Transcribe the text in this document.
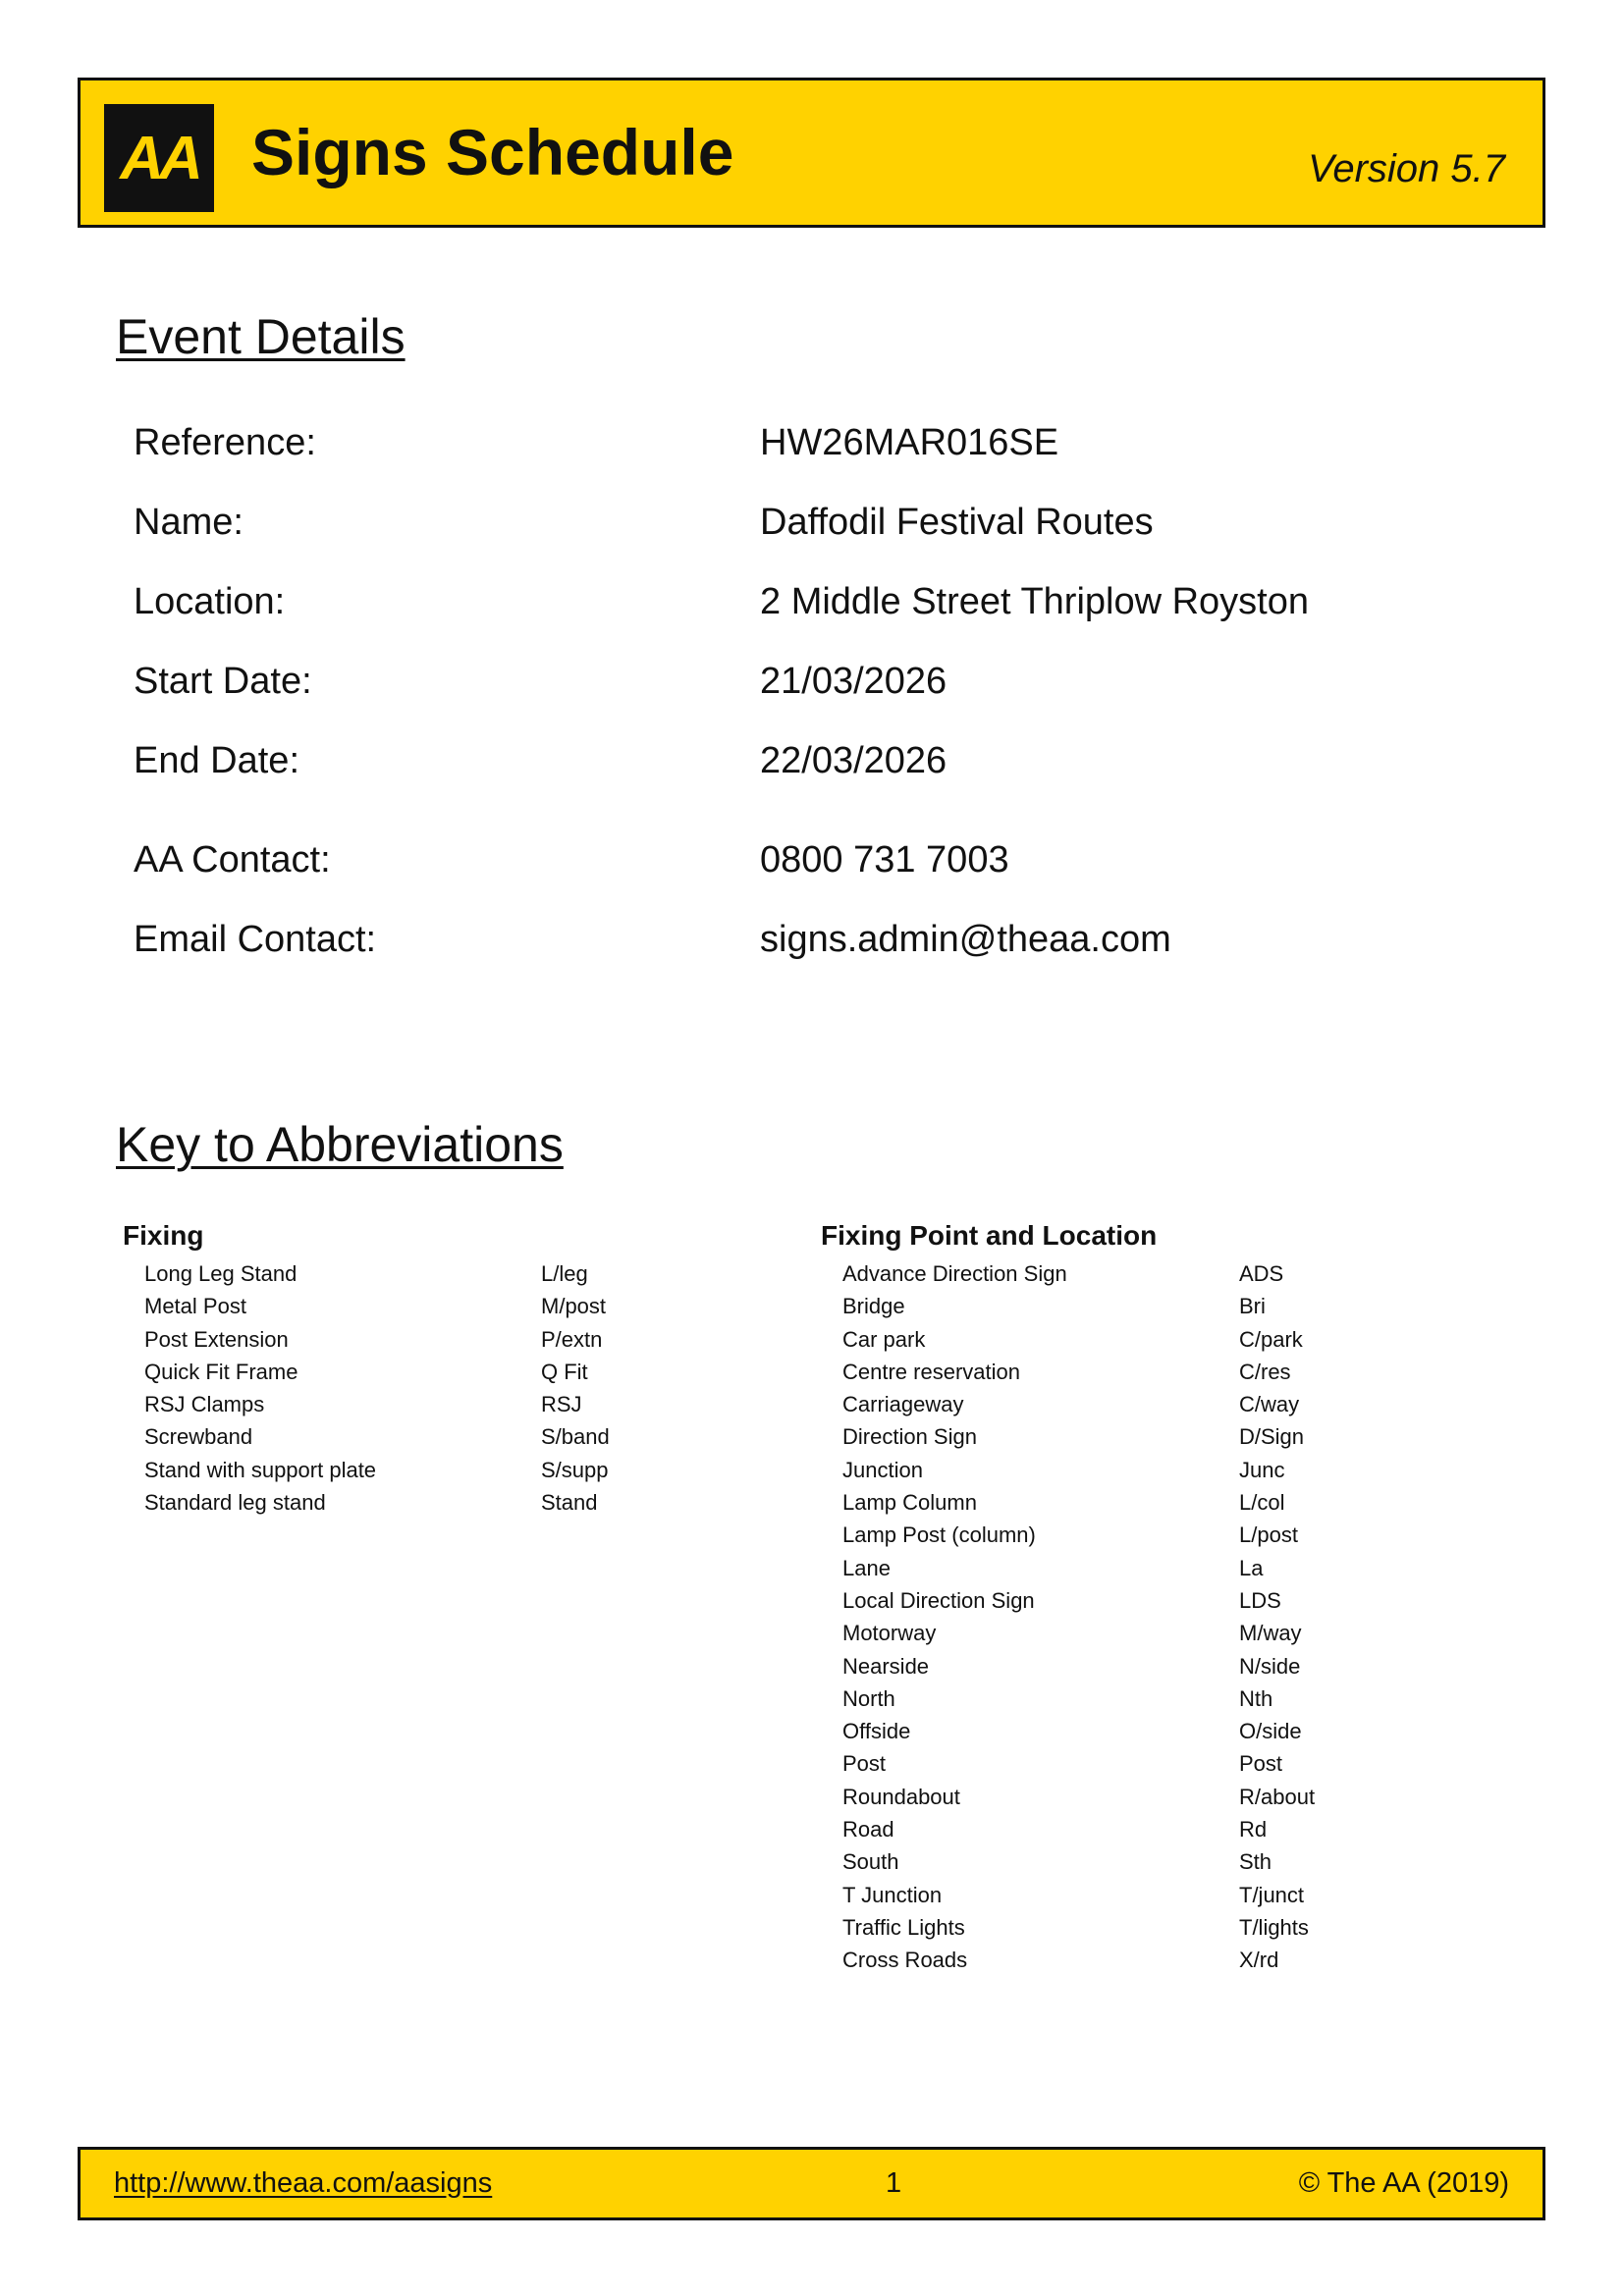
AA Signs Schedule	Version 5.7
Event Details
Reference:	HW26MAR016SE
Name:	Daffodil Festival Routes
Location:	2 Middle Street Thriplow Royston
Start Date:	21/03/2026
End Date:	22/03/2026
AA Contact:	0800 731 7003
Email Contact:	signs.admin@theaa.com
Key to Abbreviations
Fixing
Long Leg Stand	L/leg
Metal Post	M/post
Post Extension	P/extn
Quick Fit Frame	Q Fit
RSJ Clamps	RSJ
Screwband	S/band
Stand with support plate	S/supp
Standard leg stand	Stand
Fixing Point and Location
Advance Direction Sign	ADS
Bridge	Bri
Car park	C/park
Centre reservation	C/res
Carriageway	C/way
Direction Sign	D/Sign
Junction	Junc
Lamp Column	L/col
Lamp Post (column)	L/post
Lane	La
Local Direction Sign	LDS
Motorway	M/way
Nearside	N/side
North	Nth
Offside	O/side
Post	Post
Roundabout	R/about
Road	Rd
South	Sth
T Junction	T/junct
Traffic Lights	T/lights
Cross Roads	X/rd
http://www.theaa.com/aasigns	1	© The AA (2019)
